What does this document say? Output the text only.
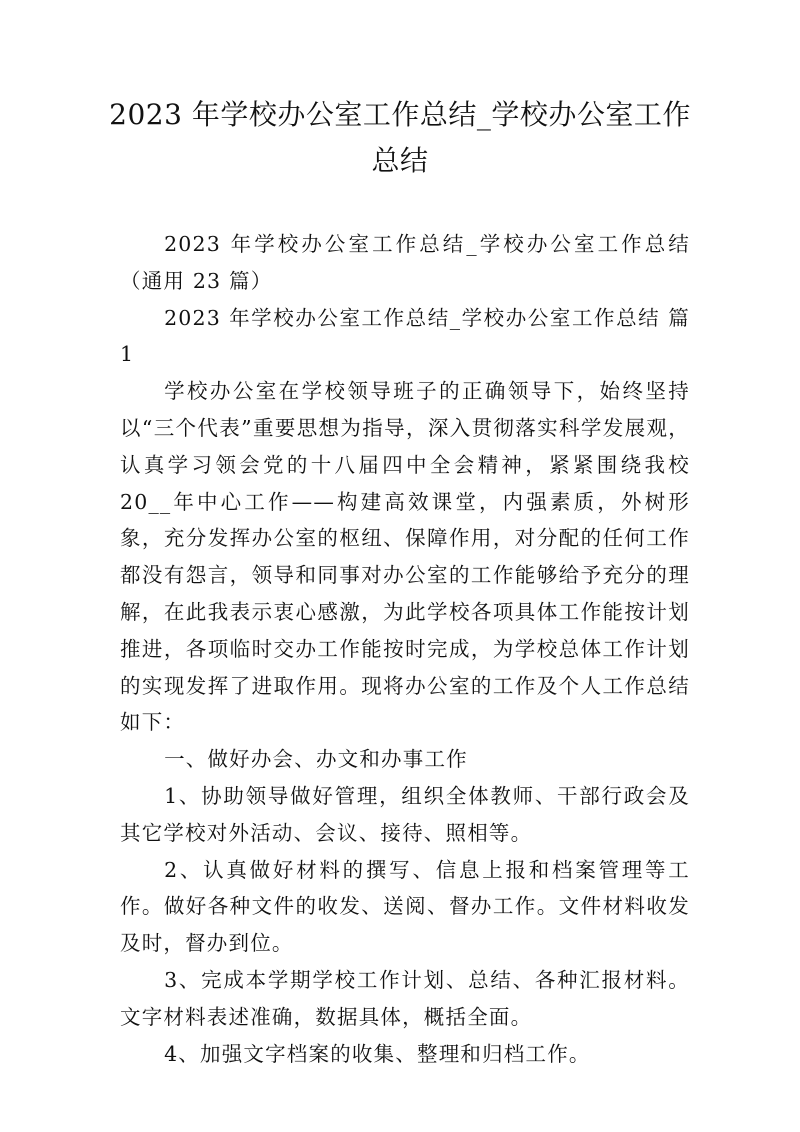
2023 年学校办公室工作总结_学校办公室工作总结

2023 年学校办公室工作总结_学校办公室工作总结（通用 23 篇）

2023 年学校办公室工作总结_学校办公室工作总结 篇 1

学校办公室在学校领导班子的正确领导下，始终坚持以“三个代表”重要思想为指导，深入贯彻落实科学发展观，认真学习领会党的十八届四中全会精神，紧紧围绕我校 20__年中心工作——构建高效课堂，内强素质，外树形象，充分发挥办公室的枢纽、保障作用，对分配的任何工作都没有怨言，领导和同事对办公室的工作能够给予充分的理解，在此我表示衷心感激，为此学校各项具体工作能按计划推进，各项临时交办工作能按时完成，为学校总体工作计划的实现发挥了进取作用。现将办公室的工作及个人工作总结如下：

一、做好办会、办文和办事工作

1、协助领导做好管理，组织全体教师、干部行政会及其它学校对外活动、会议、接待、照相等。

2、认真做好材料的撰写、信息上报和档案管理等工作。做好各种文件的收发、送阅、督办工作。文件材料收发及时，督办到位。

3、完成本学期学校工作计划、总结、各种汇报材料。文字材料表述准确，数据具体，概括全面。

4、加强文字档案的收集、整理和归档工作。
